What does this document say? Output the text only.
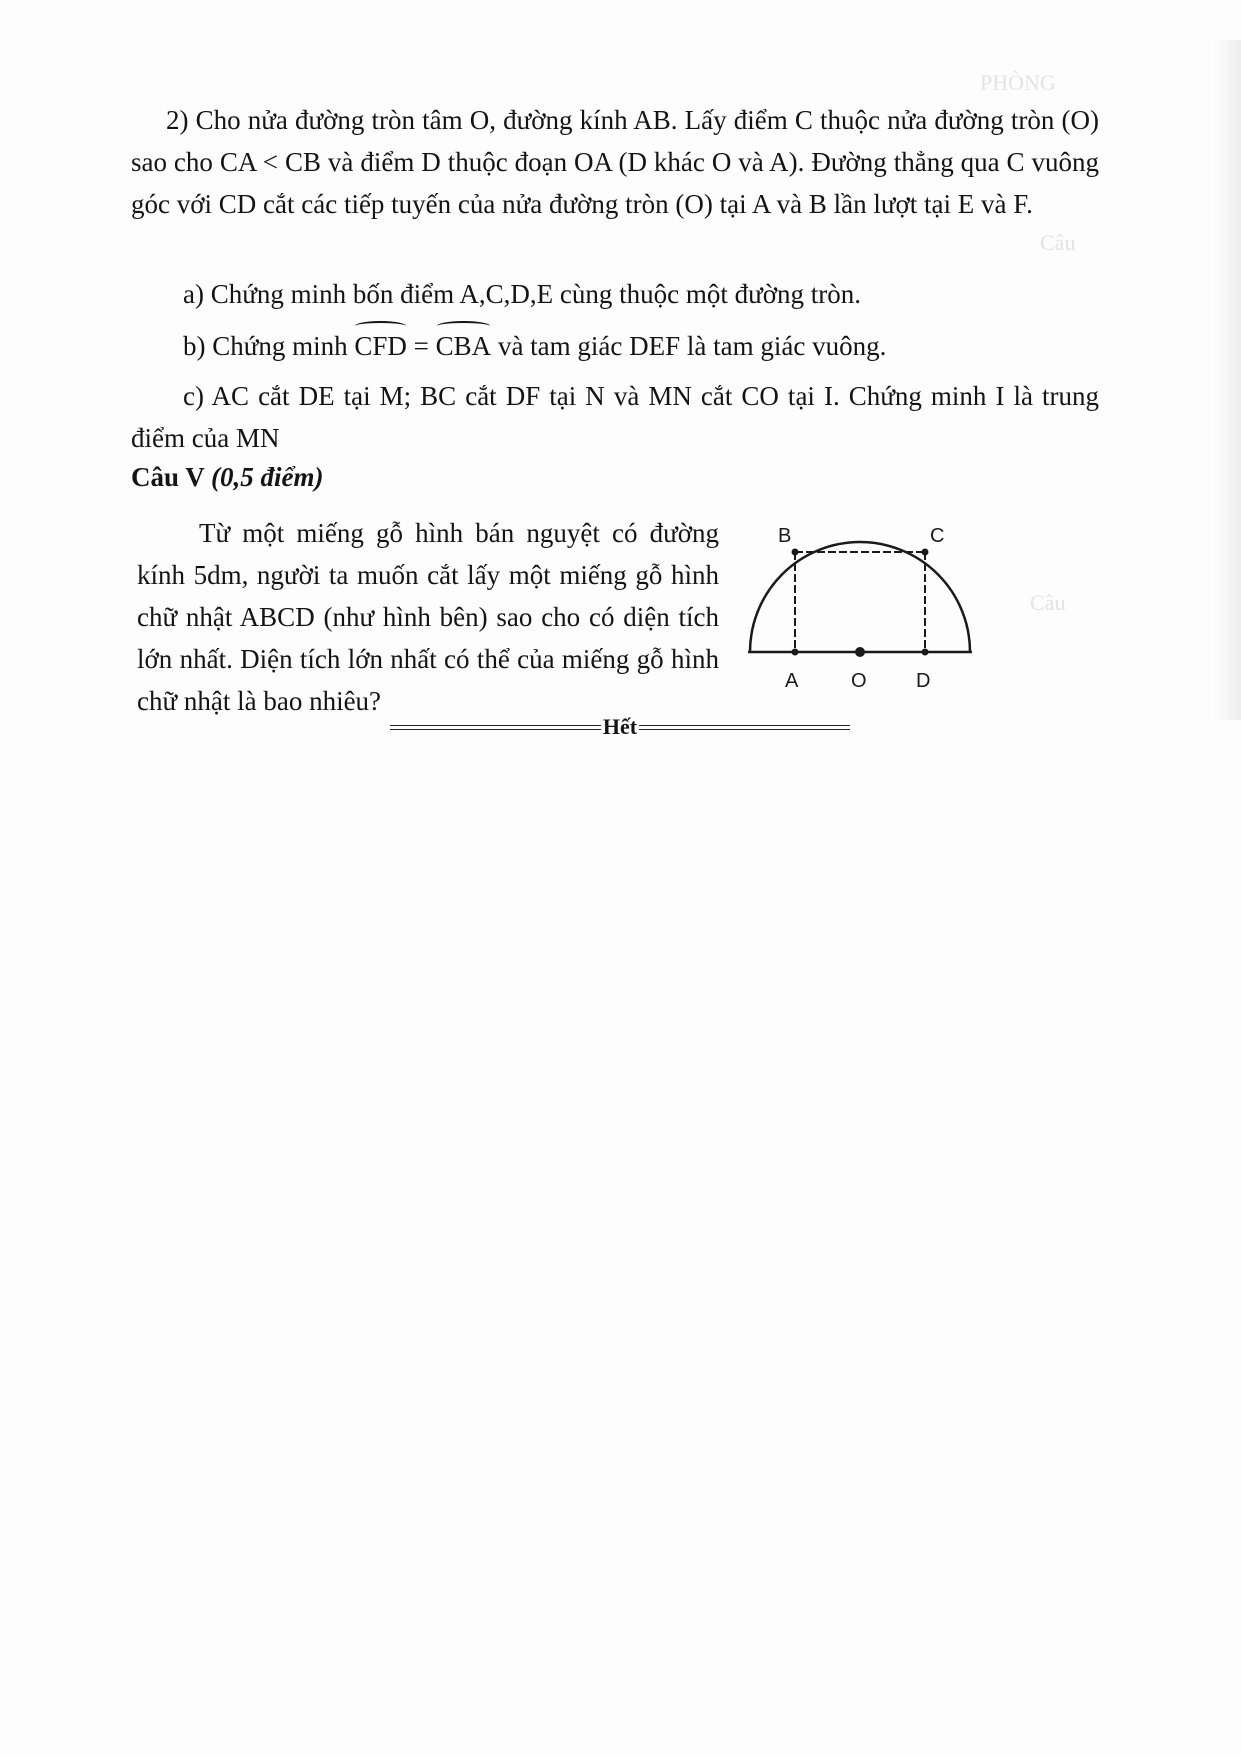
PHÒNG
Câu
Câu

2) Cho nửa đường tròn tâm O, đường kính AB. Lấy điểm C thuộc nửa đường tròn (O) sao cho CA < CB và điểm D thuộc đoạn OA (D khác O và A). Đường thẳng qua C vuông góc với CD cắt các tiếp tuyến của nửa đường tròn (O) tại A và B lần lượt tại E và F.

a) Chứng minh bốn điểm A,C,D,E cùng thuộc một đường tròn.

b) Chứng minh CFD = CBA và tam giác DEF là tam giác vuông.

c) AC cắt DE tại M; BC cắt DF tại N và MN cắt CO tại I. Chứng minh I là trung điểm của MN

Câu V (0,5 điểm)

Từ một miếng gỗ hình bán nguyệt có đường kính 5dm, người ta muốn cắt lấy một miếng gỗ hình chữ nhật ABCD (như hình bên) sao cho có diện tích lớn nhất. Diện tích lớn nhất có thể của miếng gỗ hình chữ nhật là bao nhiêu?

B	C
A	O D
Hết
